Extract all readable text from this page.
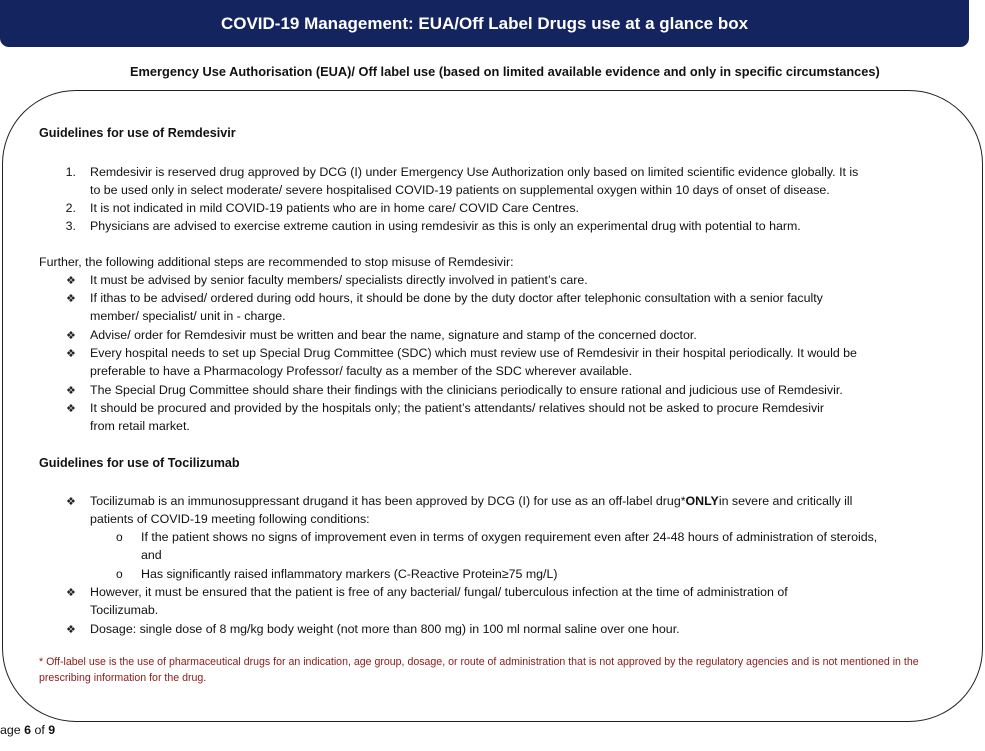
COVID-19 Management: EUA/Off Label Drugs use at a glance box
Emergency Use Authorisation (EUA)/ Off label use (based on limited available evidence and only in specific circumstances)
Guidelines for use of Remdesivir
1. Remdesivir is reserved drug approved by DCG (I) under Emergency Use Authorization only based on limited scientific evidence globally. It is
to be used only in select moderate/ severe hospitalised COVID-19 patients on supplemental oxygen within 10 days of onset of disease.
2. It is not indicated in mild COVID-19 patients who are in home care/ COVID Care Centres.
3. Physicians are advised to exercise extreme caution in using remdesivir as this is only an experimental drug with potential to harm.
Further, the following additional steps are recommended to stop misuse of Remdesivir:
❖ It must be advised by senior faculty members/ specialists directly involved in patient’s care.
❖ If ithas to be advised/ ordered during odd hours, it should be done by the duty doctor after telephonic consultation with a senior faculty
member/ specialist/ unit in - charge.
❖ Advise/ order for Remdesivir must be written and bear the name, signature and stamp of the concerned doctor.
❖ Every hospital needs to set up Special Drug Committee (SDC) which must review use of Remdesivir in their hospital periodically. It would be
preferable to have a Pharmacology Professor/ faculty as a member of the SDC wherever available.
❖ The Special Drug Committee should share their findings with the clinicians periodically to ensure rational and judicious use of Remdesivir.
❖ It should be procured and provided by the hospitals only; the patient’s attendants/ relatives should not be asked to procure Remdesivir
from retail market.
Guidelines for use of Tocilizumab
❖ Tocilizumab is an immunosuppressant drugand it has been approved by DCG (I) for use as an off-label drug*ONLYin severe and critically ill
patients of COVID-19 meeting following conditions:
o If the patient shows no signs of improvement even in terms of oxygen requirement even after 24-48 hours of administration of steroids,
and
o Has significantly raised inflammatory markers (C-Reactive Protein≥75 mg/L)
❖ However, it must be ensured that the patient is free of any bacterial/ fungal/ tuberculous infection at the time of administration of
Tocilizumab.
❖ Dosage: single dose of 8 mg/kg body weight (not more than 800 mg) in 100 ml normal saline over one hour.
* Off-label use is the use of pharmaceutical drugs for an indication, age group, dosage, or route of administration that is not approved by the regulatory agencies and is not mentioned in the prescribing information for the drug.
age 6 of 9
